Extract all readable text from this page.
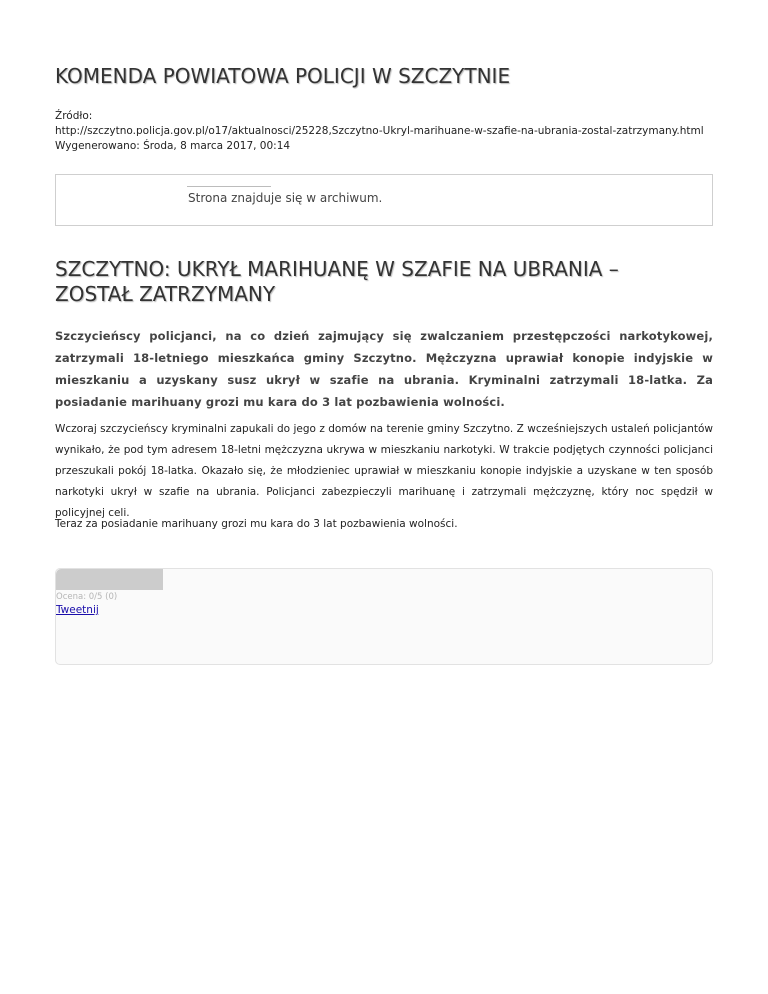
KOMENDA POWIATOWA POLICJI W SZCZYTNIE
Źródło:
http://szczytno.policja.gov.pl/o17/aktualnosci/25228,Szczytno-Ukryl-marihuane-w-szafie-na-ubrania-zostal-zatrzymany.html
Wygenerowano: Środa, 8 marca 2017, 00:14
Strona znajduje się w archiwum.
SZCZYTNO: UKRYŁ MARIHUANĘ W SZAFIE NA UBRANIA – ZOSTAŁ ZATRZYMANY

Szczycieńscy policjanci, na co dzień zajmujący się zwalczaniem przestępczości narkotykowej, zatrzymali 18-letniego mieszkańca gminy Szczytno. Mężczyzna uprawiał konopie indyjskie w mieszkaniu a uzyskany susz ukrył w szafie na ubrania. Kryminalni zatrzymali 18-latka. Za posiadanie marihuany grozi mu kara do 3 lat pozbawienia wolności.

Wczoraj szczycieńscy kryminalni zapukali do jego z domów na terenie gminy Szczytno. Z wcześniejszych ustaleń policjantów wynikało, że pod tym adresem 18-letni mężczyzna ukrywa w mieszkaniu narkotyki. W trakcie podjętych czynności policjanci przeszukali pokój 18-latka. Okazało się, że młodzieniec uprawiał w mieszkaniu konopie indyjskie a uzyskane w ten sposób narkotyki ukrył w szafie na ubrania. Policjanci zabezpieczyli marihuanę i zatrzymali mężczyznę, który noc spędził w policyjnej celi.

Teraz za posiadanie marihuany grozi mu kara do 3 lat pozbawienia wolności.

Ocena: 0/5 (0)
Tweetnij
